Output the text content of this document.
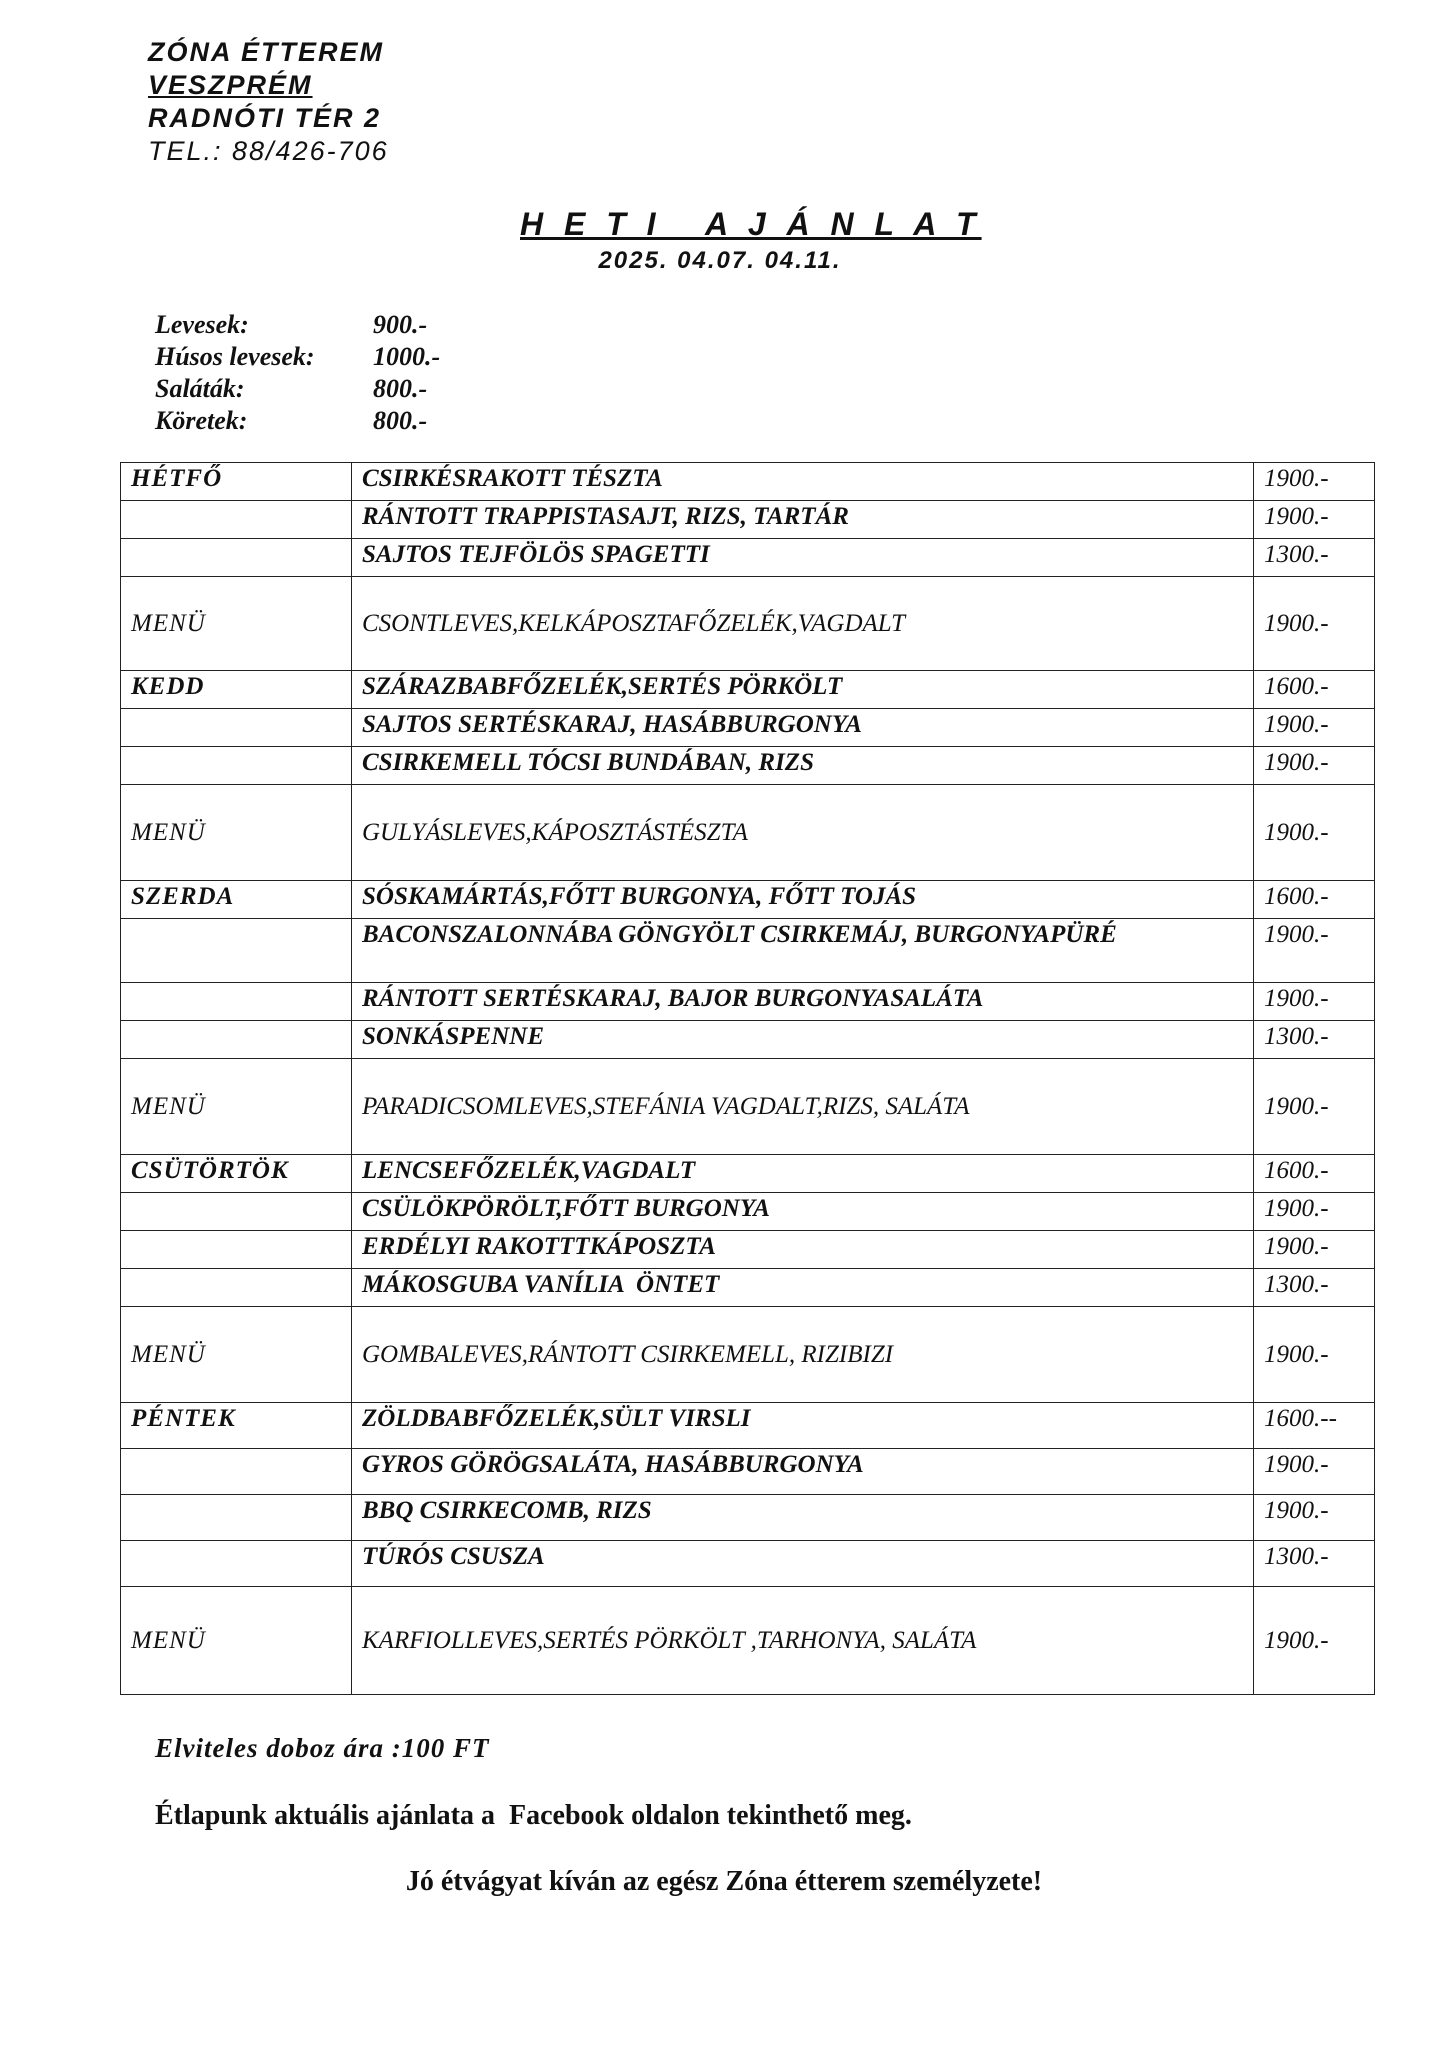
ZÓNA ÉTTEREM
VESZPRÉM
RADNÓTI TÉR 2
TEL.: 88/426-706
H E T I   A J Á N L A T
2025. 04.07. 04.11.
Levesek:	900.-
Húsos levesek:	1000.-
Saláták:	800.-
Köretek:	800.-
HÉTFŐ	CSIRKÉSRAKOTT TÉSZTA	1900.-
	RÁNTOTT TRAPPISTASAJT, RIZS, TARTÁR	1900.-
	SAJTOS TEJFÖLÖS SPAGETTI	1300.-
MENÜ	CSONTLEVES,KELKÁPOSZTAFŐZELÉK,VAGDALT	1900.-
KEDD	SZÁRAZBABFŐZELÉK,SERTÉS PÖRKÖLT	1600.-
	SAJTOS SERTÉSKARAJ, HASÁBBURGONYA	1900.-
	CSIRKEMELL TÓCSI BUNDÁBAN, RIZS	1900.-
MENÜ	GULYÁSLEVES,KÁPOSZTÁSTÉSZTA	1900.-
SZERDA	SÓSKAMÁRTÁS,FŐTT BURGONYA, FŐTT TOJÁS	1600.-
	BACONSZALONNÁBA GÖNGYÖLT CSIRKEMÁJ, BURGONYAPÜRÉ	1900.-
	RÁNTOTT SERTÉSKARAJ, BAJOR BURGONYASALÁTA	1900.-
	SONKÁSPENNE	1300.-
MENÜ	PARADICSOMLEVES,STEFÁNIA VAGDALT,RIZS, SALÁTA	1900.-
CSÜTÖRTÖK	LENCSEFŐZELÉK,VAGDALT	1600.-
	CSÜLÖKPÖRÖLT,FŐTT BURGONYA	1900.-
	ERDÉLYI RAKOTTTKÁPOSZTA	1900.-
	MÁKOSGUBA VANÍLIA  ÖNTET	1300.-
MENÜ	GOMBALEVES,RÁNTOTT CSIRKEMELL, RIZIBIZI	1900.-
PÉNTEK	ZÖLDBABFŐZELÉK,SÜLT VIRSLI	1600.--
	GYROS GÖRÖGSALÁTA, HASÁBBURGONYA	1900.-
	BBQ CSIRKECOMB, RIZS	1900.-
	TÚRÓS CSUSZA	1300.-
MENÜ	KARFIOLLEVES,SERTÉS PÖRKÖLT ,TARHONYA, SALÁTA	1900.-
Elviteles doboz ára :100 FT
Étlapunk aktuális ajánlata a  Facebook oldalon tekinthető meg.
Jó étvágyat kíván az egész Zóna étterem személyzete!
